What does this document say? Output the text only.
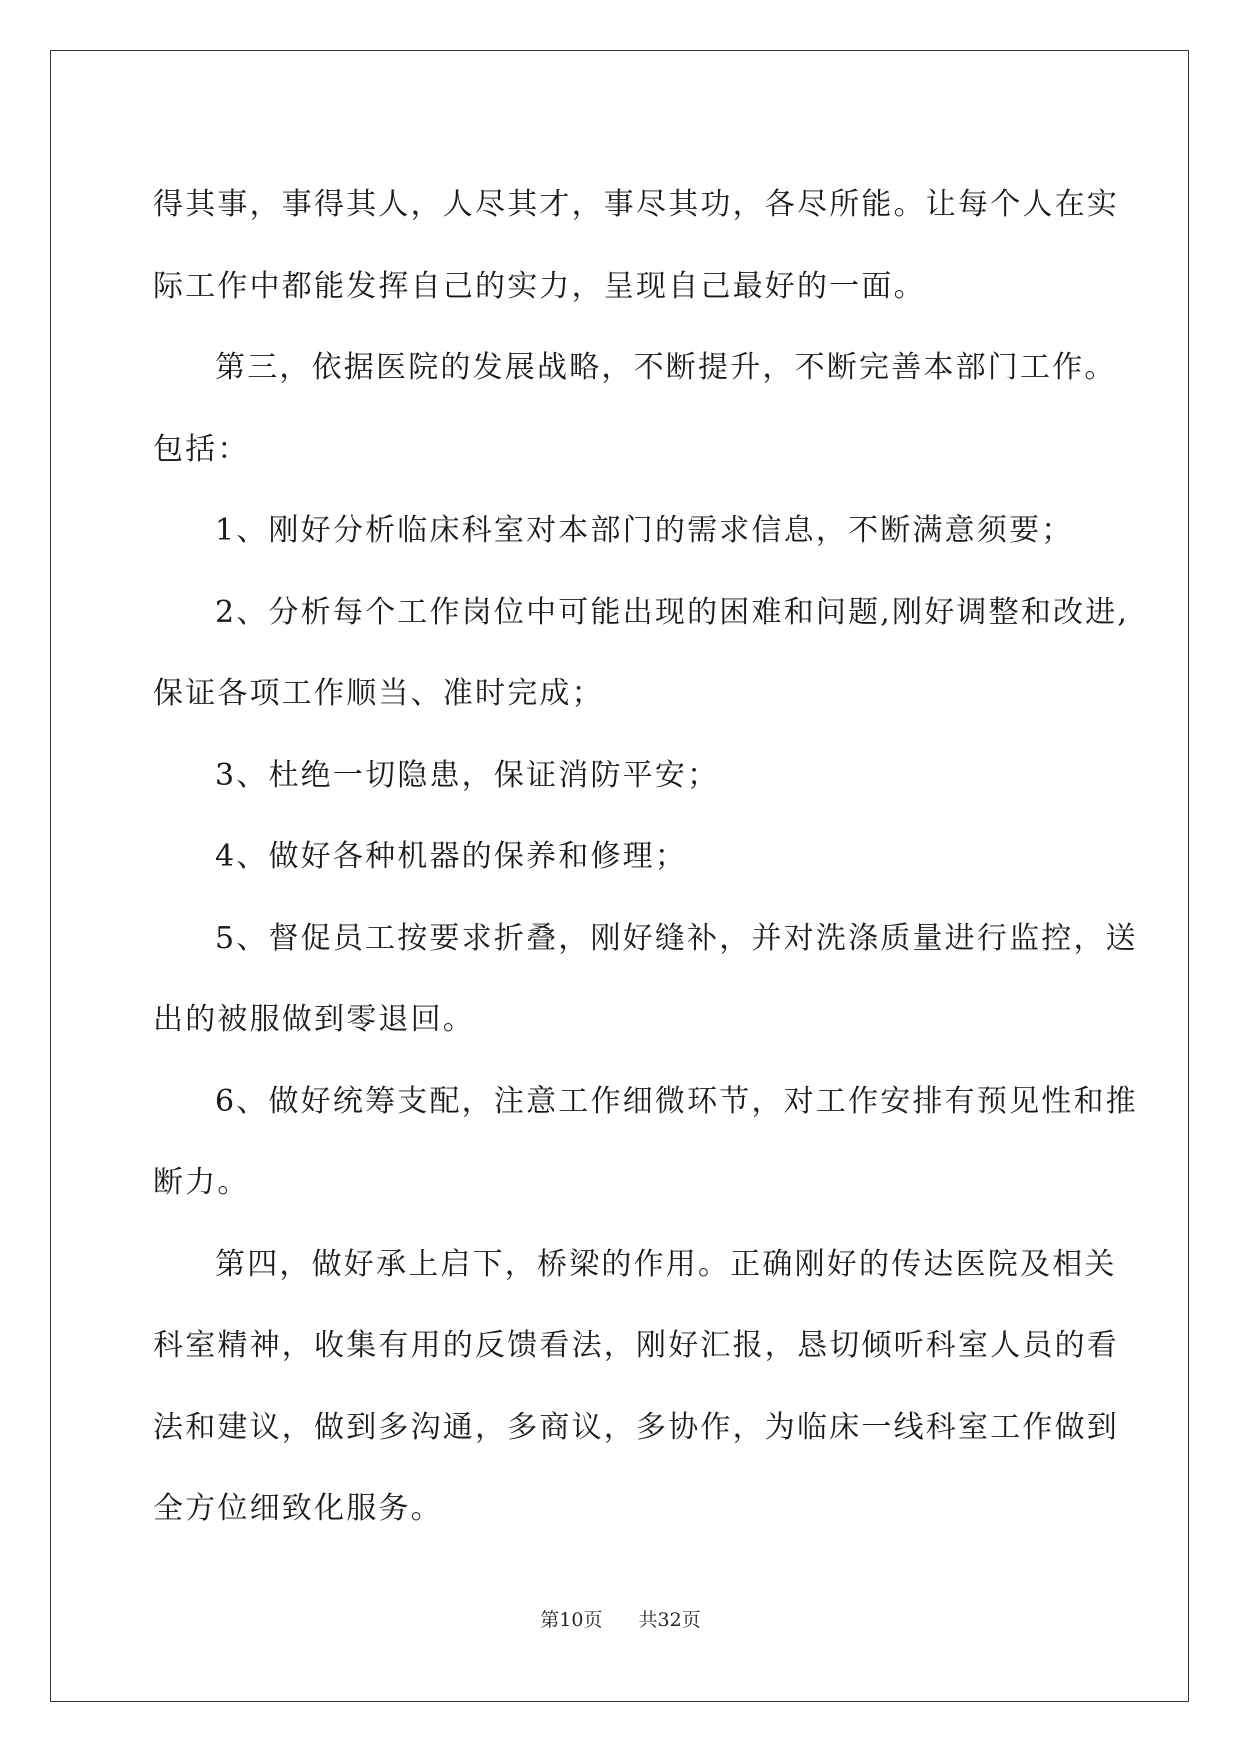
得其事，事得其人，人尽其才，事尽其功，各尽所能。让每个人在实
际工作中都能发挥自己的实力，呈现自己最好的一面。
第三，依据医院的发展战略，不断提升，不断完善本部门工作。
包括：
1、刚好分析临床科室对本部门的需求信息，不断满意须要；
2、分析每个工作岗位中可能出现的困难和问题,刚好调整和改进,
保证各项工作顺当、准时完成；
3、杜绝一切隐患，保证消防平安；
4、做好各种机器的保养和修理；
5、督促员工按要求折叠，刚好缝补，并对洗涤质量进行监控，送
出的被服做到零退回。
6、做好统筹支配，注意工作细微环节，对工作安排有预见性和推
断力。
第四，做好承上启下，桥梁的作用。正确刚好的传达医院及相关
科室精神，收集有用的反馈看法，刚好汇报，恳切倾听科室人员的看
法和建议，做到多沟通，多商议，多协作，为临床一线科室工作做到
全方位细致化服务。
第10页 共32页
